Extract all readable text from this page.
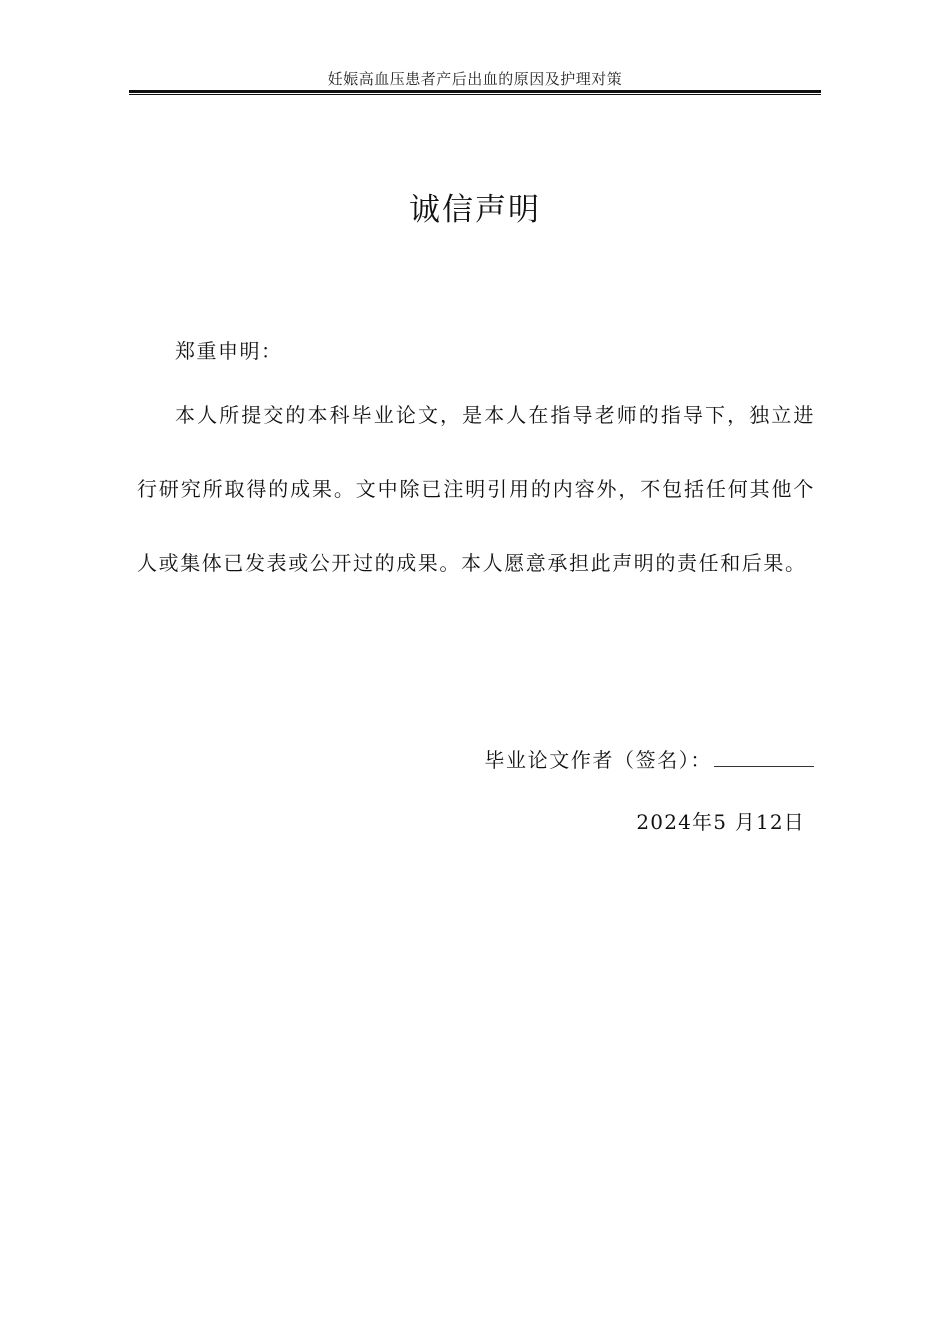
妊娠高血压患者产后出血的原因及护理对策
诚信声明
郑重申明：

本人所提交的本科毕业论文，是本人在指导老师的指导下，独立进行研究所取得的成果。文中除已注明引用的内容外，不包括任何其他个人或集体已发表或公开过的成果。本人愿意承担此声明的责任和后果。

毕业论文作者（签名）：
2024年5 月12日
